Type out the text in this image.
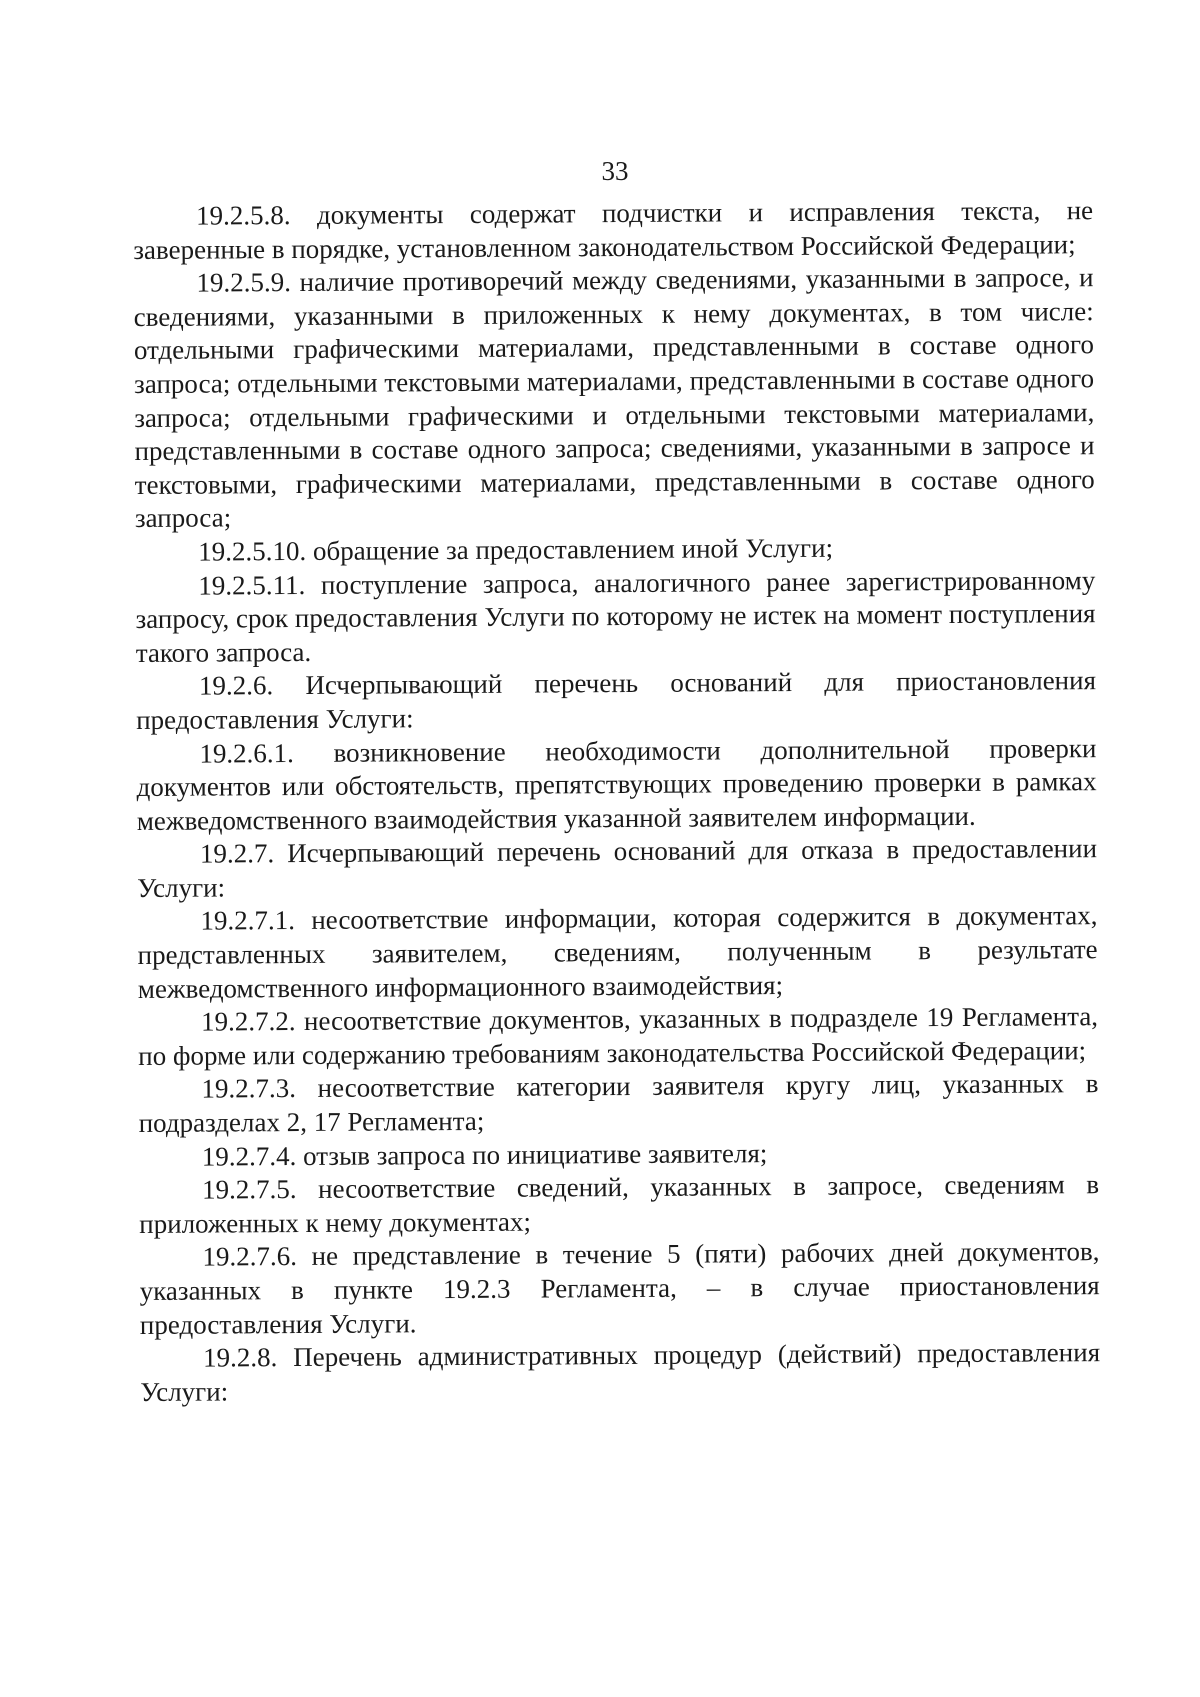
33

19.2.5.8. документы содержат подчистки и исправления текста, не заверенные в порядке, установленном законодательством Российской Федерации;

19.2.5.9. наличие противоречий между сведениями, указанными в запросе, и сведениями, указанными в приложенных к нему документах, в том числе: отдельными графическими материалами, представленными в составе одного запроса; отдельными текстовыми материалами, представленными в составе одного запроса; отдельными графическими и отдельными текстовыми материалами, представленными в составе одного запроса; сведениями, указанными в запросе и текстовыми, графическими материалами, представленными в составе одного запроса;

19.2.5.10. обращение за предоставлением иной Услуги;

19.2.5.11. поступление запроса, аналогичного ранее зарегистрированному запросу, срок предоставления Услуги по которому не истек на момент поступления такого запроса.

19.2.6. Исчерпывающий перечень оснований для приостановления предоставления Услуги:

19.2.6.1. возникновение необходимости дополнительной проверки документов или обстоятельств, препятствующих проведению проверки в рамках межведомственного взаимодействия указанной заявителем информации.

19.2.7. Исчерпывающий перечень оснований для отказа в предоставлении Услуги:

19.2.7.1. несоответствие информации, которая содержится в документах, представленных заявителем, сведениям, полученным в результате межведомственного информационного взаимодействия;

19.2.7.2. несоответствие документов, указанных в подразделе 19 Регламента, по форме или содержанию требованиям законодательства Российской Федерации;

19.2.7.3. несоответствие категории заявителя кругу лиц, указанных в подразделах 2, 17 Регламента;

19.2.7.4. отзыв запроса по инициативе заявителя;

19.2.7.5. несоответствие сведений, указанных в запросе, сведениям в приложенных к нему документах;

19.2.7.6. не представление в течение 5 (пяти) рабочих дней документов, указанных в пункте 19.2.3 Регламента, – в случае приостановления предоставления Услуги.

19.2.8. Перечень административных процедур (действий) предоставления Услуги:
